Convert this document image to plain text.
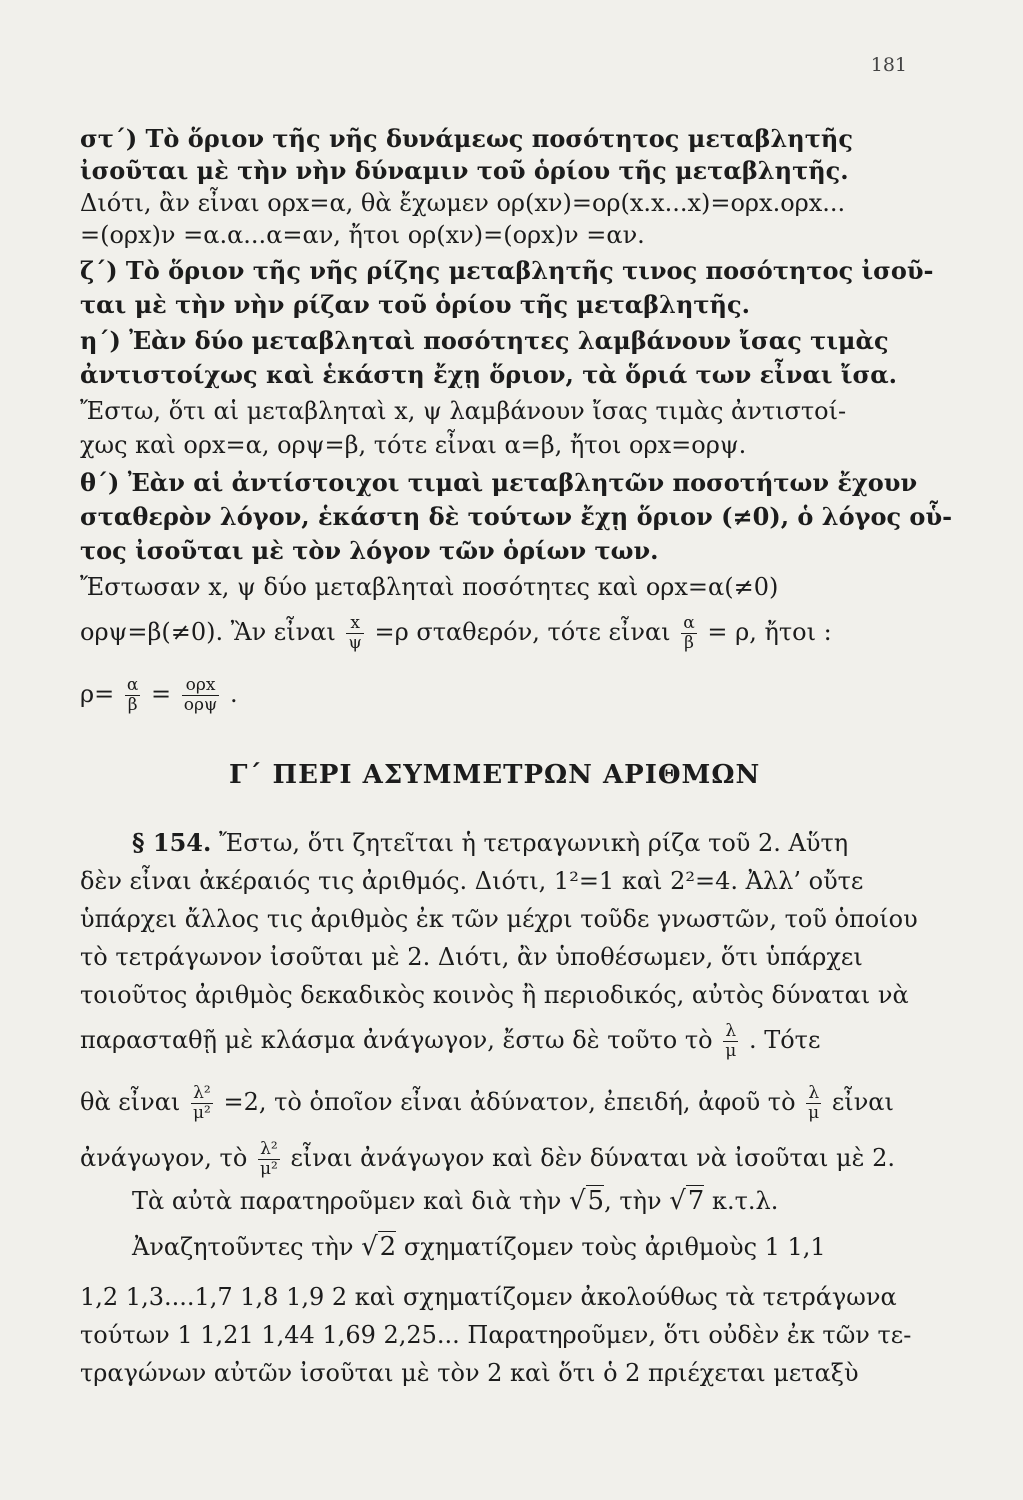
181
στ΄) Τὸ ὅριον τῆς νῆς δυνάμεως ποσότητος μεταβλητῆς
ἰσοῦται μὲ τὴν νὴν δύναμιν τοῦ ὁρίου τῆς μεταβλητῆς.
Διότι, ἂν εἶναι ορx=α, θὰ ἔχωμεν ορ(xν)=ορ(x.x...x)=ορx.ορx...
=(ορx)ν =α.α...α=αν, ἤτοι ορ(xν)=(ορx)ν =αν.
ζ΄) Τὸ ὅριον τῆς νῆς ρίζης μεταβλητῆς τινος ποσότητος ἰσοῦ-
ται μὲ τὴν νὴν ρίζαν τοῦ ὁρίου τῆς μεταβλητῆς.
η΄) Ἐὰν δύο μεταβληταὶ ποσότητες λαμβάνουν ἴσας τιμὰς
ἀντιστοίχως καὶ ἑκάστη ἔχῃ ὅριον, τὰ ὅριά των εἶναι ἴσα.
Ἔστω, ὅτι αἱ μεταβληταὶ x, ψ λαμβάνουν ἴσας τιμὰς ἀντιστοί-
χως καὶ ορx=α, ορψ=β, τότε εἶναι α=β, ἤτοι ορx=ορψ.
θ΄) Ἐὰν αἱ ἀντίστοιχοι τιμαὶ μεταβλητῶν ποσοτήτων ἔχουν
σταθερὸν λόγον, ἑκάστη δὲ τούτων ἔχῃ ὅριον (≠0), ὁ λόγος οὗ-
τος ἰσοῦται μὲ τὸν λόγον τῶν ὁρίων των.
Ἔστωσαν x, ψ δύο μεταβληταὶ ποσότητες καὶ ορx=α(≠0)
ορψ=β(≠0). Ἂν εἶναι $\frac{x}{\psi} =\rho$ σταθερόν, τότε εἶναι $\frac{\alpha}{\beta} = \rho$, ἤτοι :
$\rho= \frac{\alpha}{\beta} = \frac{\text{ορx}}{\text{ορψ}}$ .
Γ΄ ΠΕΡΙ ΑΣΥΜΜΕΤΡΩΝ ΑΡΙΘΜΩΝ
§ 154. Ἔστω, ὅτι ζητεῖται ἡ τετραγωνικὴ ρίζα τοῦ 2. Αὕτη
δὲν εἶναι ἀκέραιός τις ἀριθμός. Διότι, 1²=1 καὶ 2²=4. Ἀλλ’ οὔτε
ὑπάρχει ἄλλος τις ἀριθμὸς ἐκ τῶν μέχρι τοῦδε γνωστῶν, τοῦ ὁποίου
τὸ τετράγωνον ἰσοῦται μὲ 2. Διότι, ἂν ὑποθέσωμεν, ὅτι ὑπάρχει
τοιοῦτος ἀριθμὸς δεκαδικὸς κοινὸς ἢ περιοδικός, αὐτὸς δύναται νὰ
παρασταθῇ μὲ κλάσμα ἀνάγωγον, ἔστω δὲ τοῦτο τὸ $\frac{\lambda}{\mu}$ . Τότε
θὰ εἶναι $\frac{\text{λ²}}{\text{μ²}} =2$, τὸ ὁποῖον εἶναι ἀδύνατον, ἐπειδή, ἀφοῦ τὸ $\frac{\lambda}{\mu}$ εἶναι
ἀνάγωγον, τὸ $\frac{\text{λ²}}{\text{μ²}}$ εἶναι ἀνάγωγον καὶ δὲν δύναται νὰ ἰσοῦται μὲ 2.
Τὰ αὐτὰ παρατηροῦμεν καὶ διὰ τὴν √5, τὴν √7 κ.τ.λ.
Ἀναζητοῦντες τὴν √2 σχηματίζομεν τοὺς ἀριθμοὺς 1 1,1
1,2 1,3....1,7 1,8 1,9 2 καὶ σχηματίζομεν ἀκολούθως τὰ τετράγωνα
τούτων 1 1,21 1,44 1,69 2,25... Παρατηροῦμεν, ὅτι οὐδὲν ἐκ τῶν τε-
τραγώνων αὐτῶν ἰσοῦται μὲ τὸν 2 καὶ ὅτι ὁ 2 πριέχεται μεταξὺ
